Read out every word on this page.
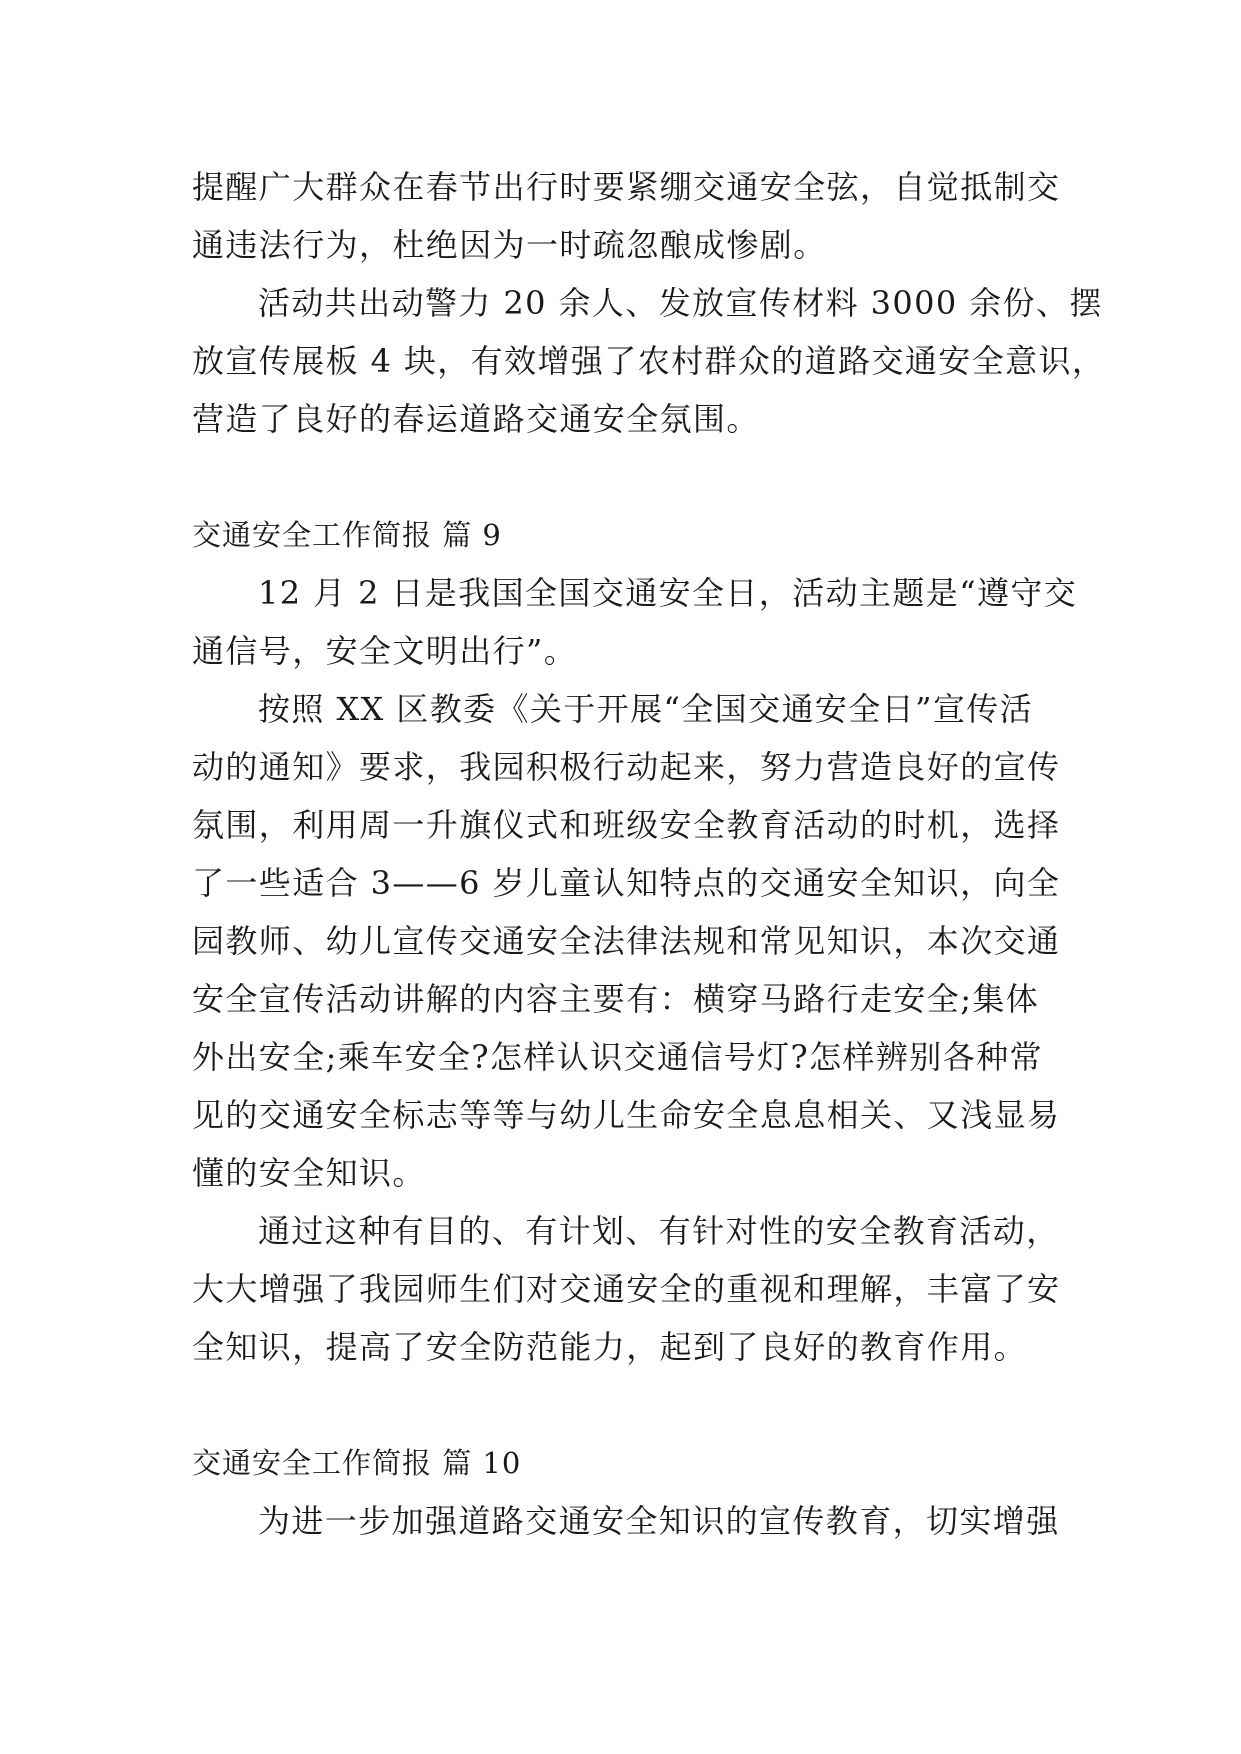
提醒广大群众在春节出行时要紧绷交通安全弦，自觉抵制交
通违法行为，杜绝因为一时疏忽酿成惨剧。
活动共出动警力 20 余人、发放宣传材料 3000 余份、摆
放宣传展板 4 块，有效增强了农村群众的道路交通安全意识，
营造了良好的春运道路交通安全氛围。
交通安全工作简报 篇 9
12 月 2 日是我国全国交通安全日，活动主题是“遵守交
通信号，安全文明出行”。
按照 XX 区教委《关于开展“全国交通安全日”宣传活
动的通知》要求，我园积极行动起来，努力营造良好的宣传
氛围，利用周一升旗仪式和班级安全教育活动的时机，选择
了一些适合 3——6 岁儿童认知特点的交通安全知识，向全
园教师、幼儿宣传交通安全法律法规和常见知识，本次交通
安全宣传活动讲解的内容主要有：横穿马路行走安全;集体
外出安全;乘车安全?怎样认识交通信号灯?怎样辨别各种常
见的交通安全标志等等与幼儿生命安全息息相关、又浅显易
懂的安全知识。
通过这种有目的、有计划、有针对性的安全教育活动，
大大增强了我园师生们对交通安全的重视和理解，丰富了安
全知识，提高了安全防范能力，起到了良好的教育作用。
交通安全工作简报 篇 10
为进一步加强道路交通安全知识的宣传教育，切实增强
